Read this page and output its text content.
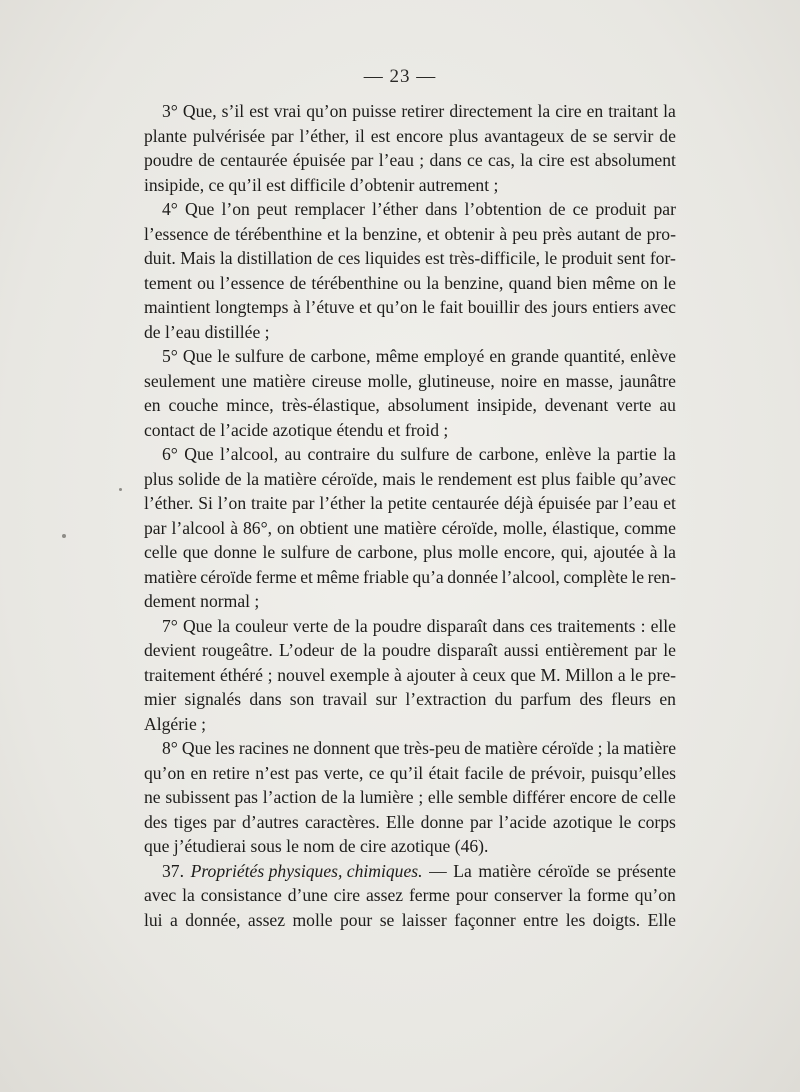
— 23 —
3° Que, s’il est vrai qu’on puisse retirer directement la cire en traitant la
plante pulvérisée par l’éther, il est encore plus avantageux de se servir de
poudre de centaurée épuisée par l’eau ; dans ce cas, la cire est absolument
insipide, ce qu’il est difficile d’obtenir autrement ;
4° Que l’on peut remplacer l’éther dans l’obtention de ce produit par
l’essence de térébenthine et la benzine, et obtenir à peu près autant de pro-
duit. Mais la distillation de ces liquides est très-difficile, le produit sent for-
tement ou l’essence de térébenthine ou la benzine, quand bien même on le
maintient longtemps à l’étuve et qu’on le fait bouillir des jours entiers avec
de l’eau distillée ;
5° Que le sulfure de carbone, même employé en grande quantité, enlève
seulement une matière cireuse molle, glutineuse, noire en masse, jaunâtre
en couche mince, très-élastique, absolument insipide, devenant verte au
contact de l’acide azotique étendu et froid ;
6° Que l’alcool, au contraire du sulfure de carbone, enlève la partie la
plus solide de la matière céroïde, mais le rendement est plus faible qu’avec
l’éther. Si l’on traite par l’éther la petite centaurée déjà épuisée par l’eau et
par l’alcool à 86°, on obtient une matière céroïde, molle, élastique, comme
celle que donne le sulfure de carbone, plus molle encore, qui, ajoutée à la
matière céroïde ferme et même friable qu’a donnée l’alcool, complète le ren-
dement normal ;
7° Que la couleur verte de la poudre disparaît dans ces traitements : elle
devient rougeâtre. L’odeur de la poudre disparaît aussi entièrement par le
traitement éthéré ; nouvel exemple à ajouter à ceux que M. Millon a le pre-
mier signalés dans son travail sur l’extraction du parfum des fleurs en
Algérie ;
8° Que les racines ne donnent que très-peu de matière céroïde ; la matière
qu’on en retire n’est pas verte, ce qu’il était facile de prévoir, puisqu’elles
ne subissent pas l’action de la lumière ; elle semble différer encore de celle
des tiges par d’autres caractères. Elle donne par l’acide azotique le corps
que j’étudierai sous le nom de cire azotique (46).
37. Propriétés physiques, chimiques. — La matière céroïde se présente
avec la consistance d’une cire assez ferme pour conserver la forme qu’on
lui a donnée, assez molle pour se laisser façonner entre les doigts. Elle
